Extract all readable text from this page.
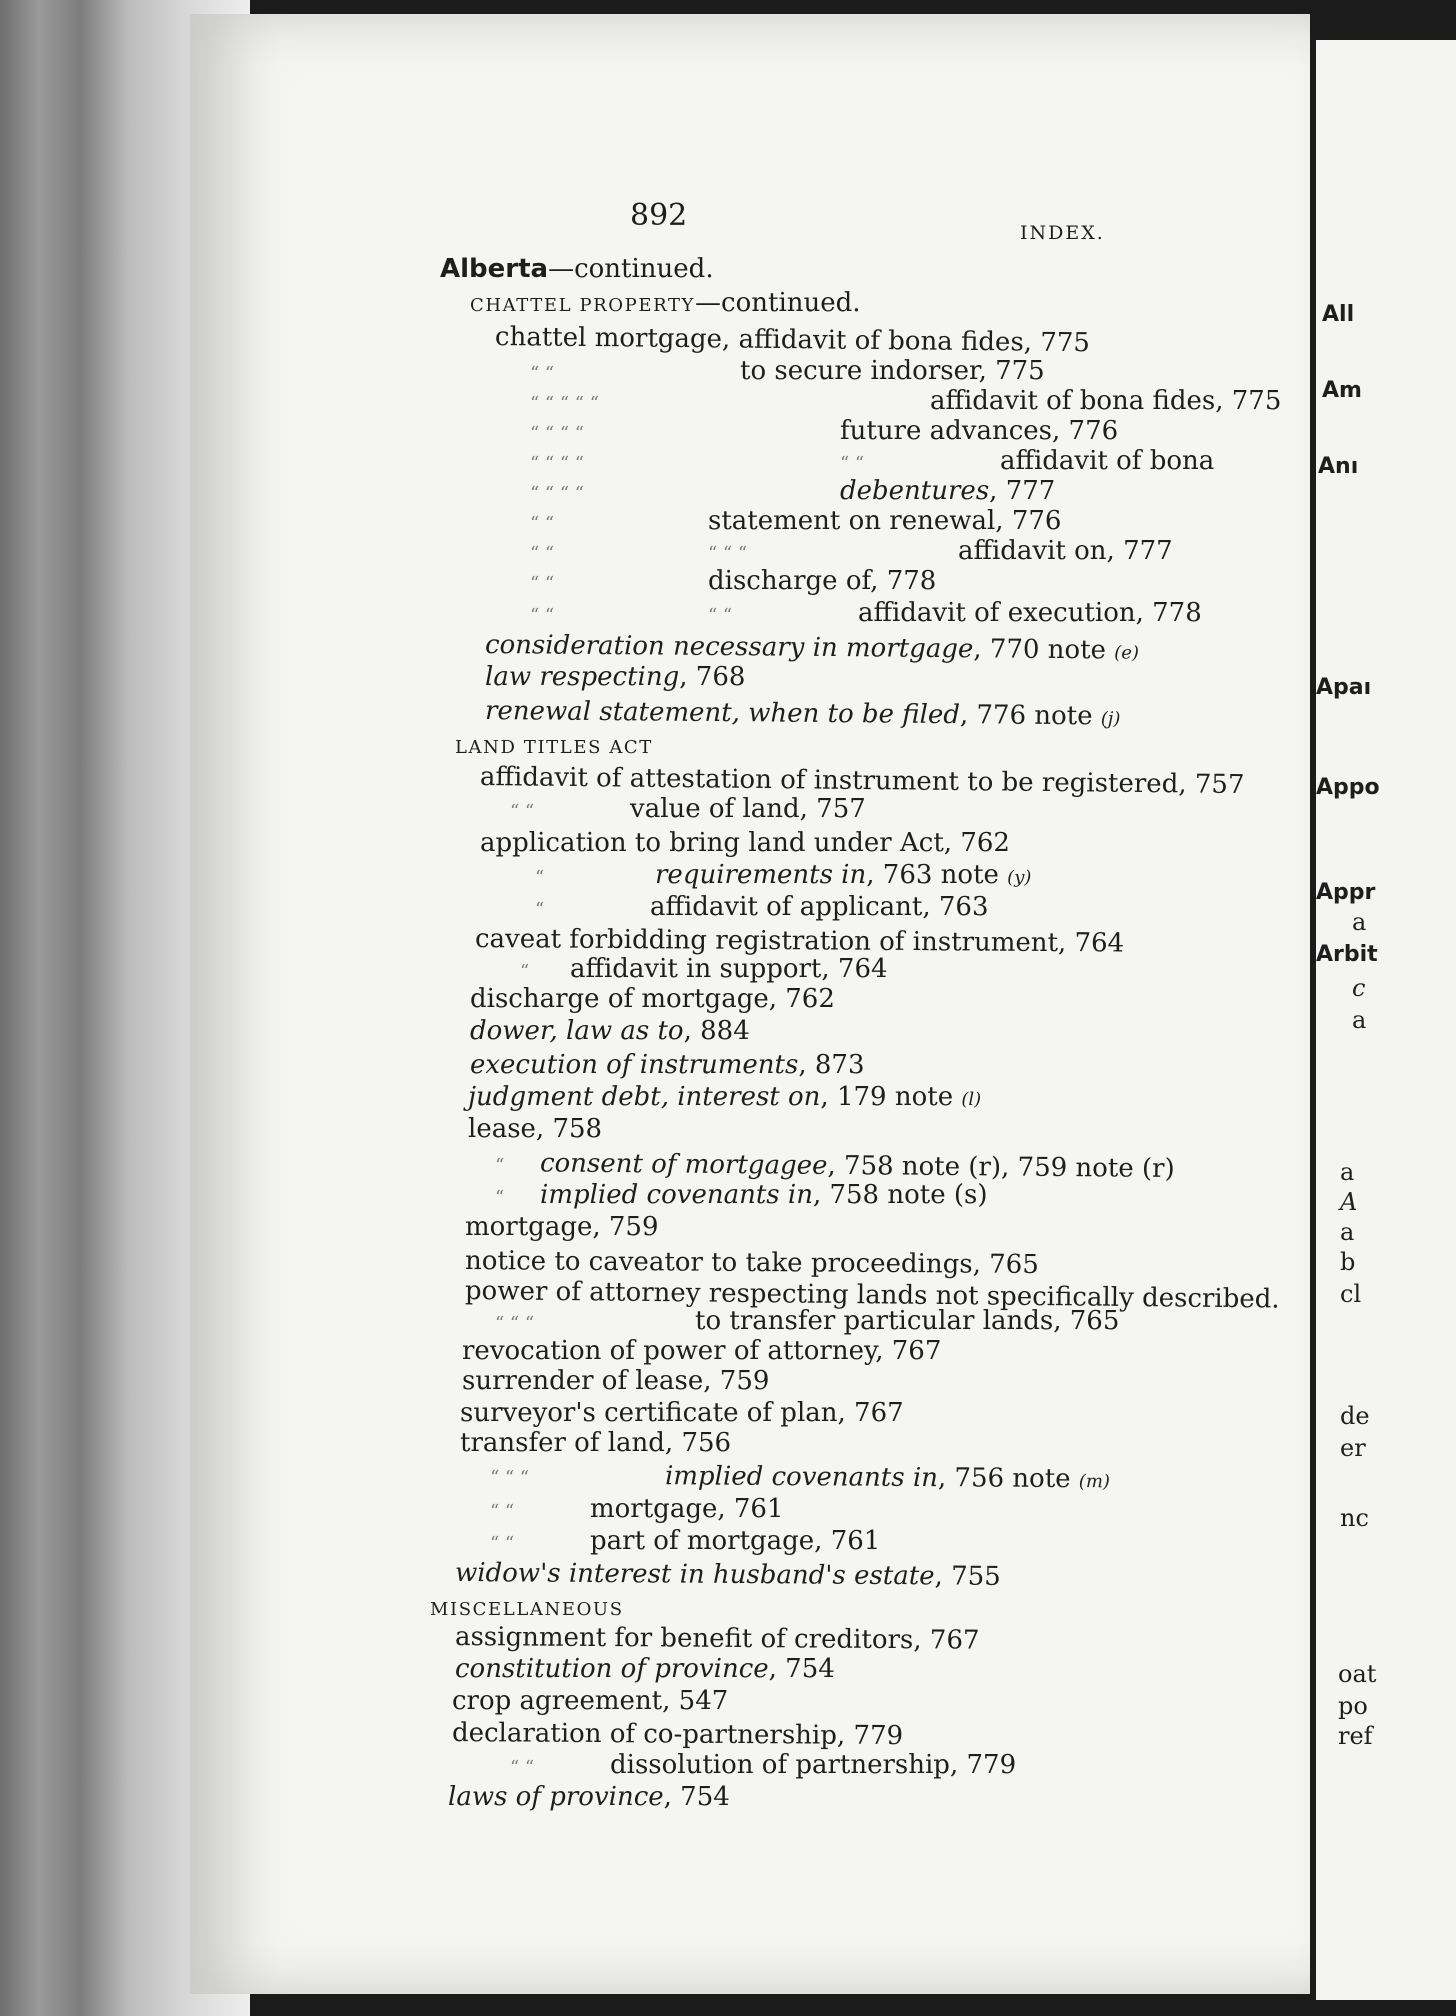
892	INDEX.
Alberta—continued.
CHATTEL PROPERTY—continued.
chattel mortgage, affidavit of bona fides, 775
“ “	to secure indorser, 775
“ “ “ “ “	affidavit of bona fides, 775
“ “ “ “	future advances, 776
“ “ “ “	“ “	affidavit of bona
“ “ “ “	debentures, 777
“ “	statement on renewal, 776
“ “	“ “ “	affidavit on, 777
“ “	discharge of, 778
“ “	“ “	affidavit of execution, 778
consideration necessary in mortgage, 770 note (e)
law respecting, 768
renewal statement, when to be filed, 776 note (j)
LAND TITLES ACT
affidavit of attestation of instrument to be registered, 757
“ “	value of land, 757
application to bring land under Act, 762
“	requirements in, 763 note (y)
“	affidavit of applicant, 763
caveat forbidding registration of instrument, 764
“ affidavit in support, 764
discharge of mortgage, 762
dower, law as to, 884
execution of instruments, 873
judgment debt, interest on, 179 note (l)
lease, 758
“ consent of mortgagee, 758 note (r), 759 note (r)
“ implied covenants in, 758 note (s)
mortgage, 759
notice to caveator to take proceedings, 765
power of attorney respecting lands not specifically described.
“ “ “	to transfer particular lands, 765
revocation of power of attorney, 767
surrender of lease, 759
surveyor's certificate of plan, 767
transfer of land, 756
“ “ “	implied covenants in, 756 note (m)
“ “	mortgage, 761
“ “	part of mortgage, 761
widow's interest in husband's estate, 755
MISCELLANEOUS
assignment for benefit of creditors, 767
constitution of province, 754
crop agreement, 547
declaration of co-partnership, 779
“ “	dissolution of partnership, 779
laws of province, 754
All
Am
Anı
Apaı
Appo
Appr
a
Arbit
c
a
a
A
a
b
cl
de
er
nc
oat
po
ref
